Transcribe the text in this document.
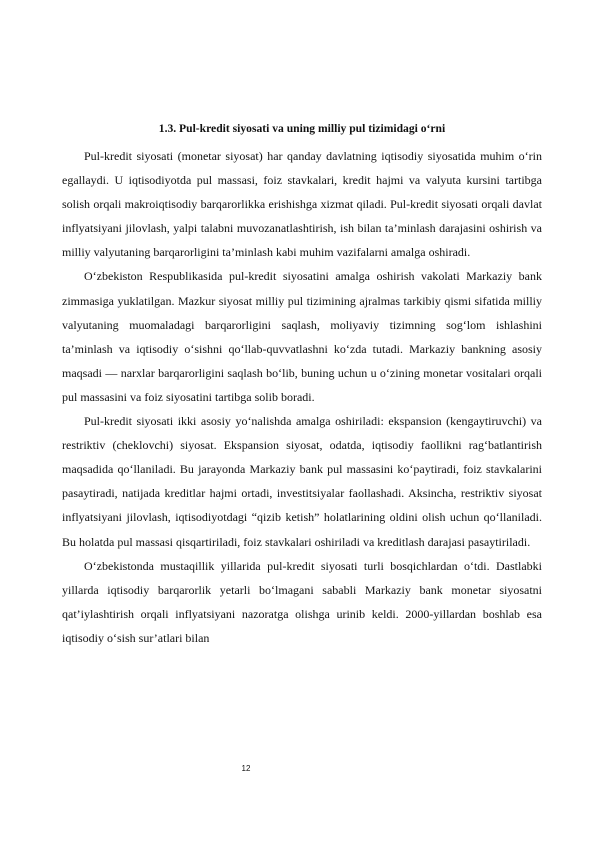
1.3. Pul-kredit siyosati va uning milliy pul tizimidagi o‘rni

Pul-kredit siyosati (monetar siyosat) har qanday davlatning iqtisodiy siyosatida muhim o‘rin egallaydi. U iqtisodiyotda pul massasi, foiz stavkalari, kredit hajmi va valyuta kursini tartibga solish orqali makroiqtisodiy barqarorlikka erishishga xizmat qiladi. Pul-kredit siyosati orqali davlat inflyatsiyani jilovlash, yalpi talabni muvozanatlashtirish, ish bilan ta’minlash darajasini oshirish va milliy valyutaning barqarorligini ta’minlash kabi muhim vazifalarni amalga oshiradi.

O‘zbekiston Respublikasida pul-kredit siyosatini amalga oshirish vakolati Markaziy bank zimmasiga yuklatilgan. Mazkur siyosat milliy pul tizimining ajralmas tarkibiy qismi sifatida milliy valyutaning muomaladagi barqarorligini saqlash, moliyaviy tizimning sog‘lom ishlashini ta’minlash va iqtisodiy o‘sishni qo‘llab-quvvatlashni ko‘zda tutadi. Markaziy bankning asosiy maqsadi — narxlar barqarorligini saqlash bo‘lib, buning uchun u o‘zining monetar vositalari orqali pul massasini va foiz siyosatini tartibga solib boradi.

Pul-kredit siyosati ikki asosiy yo‘nalishda amalga oshiriladi: ekspansion (kengaytiruvchi) va restriktiv (cheklovchi) siyosat. Ekspansion siyosat, odatda, iqtisodiy faollikni rag‘batlantirish maqsadida qo‘llaniladi. Bu jarayonda Markaziy bank pul massasini ko‘paytiradi, foiz stavkalarini pasaytiradi, natijada kreditlar hajmi ortadi, investitsiyalar faollashadi. Aksincha, restriktiv siyosat inflyatsiyani jilovlash, iqtisodiyotdagi “qizib ketish” holatlarining oldini olish uchun qo‘llaniladi. Bu holatda pul massasi qisqartiriladi, foiz stavkalari oshiriladi va kreditlash darajasi pasaytiriladi.

O‘zbekistonda mustaqillik yillarida pul-kredit siyosati turli bosqichlardan o‘tdi. Dastlabki yillarda iqtisodiy barqarorlik yetarli bo‘lmagani sababli Markaziy bank monetar siyosatni qat’iylashtirish orqali inflyatsiyani nazoratga olishga urinib keldi. 2000-yillardan boshlab esa iqtisodiy o‘sish sur’atlari bilan

12
